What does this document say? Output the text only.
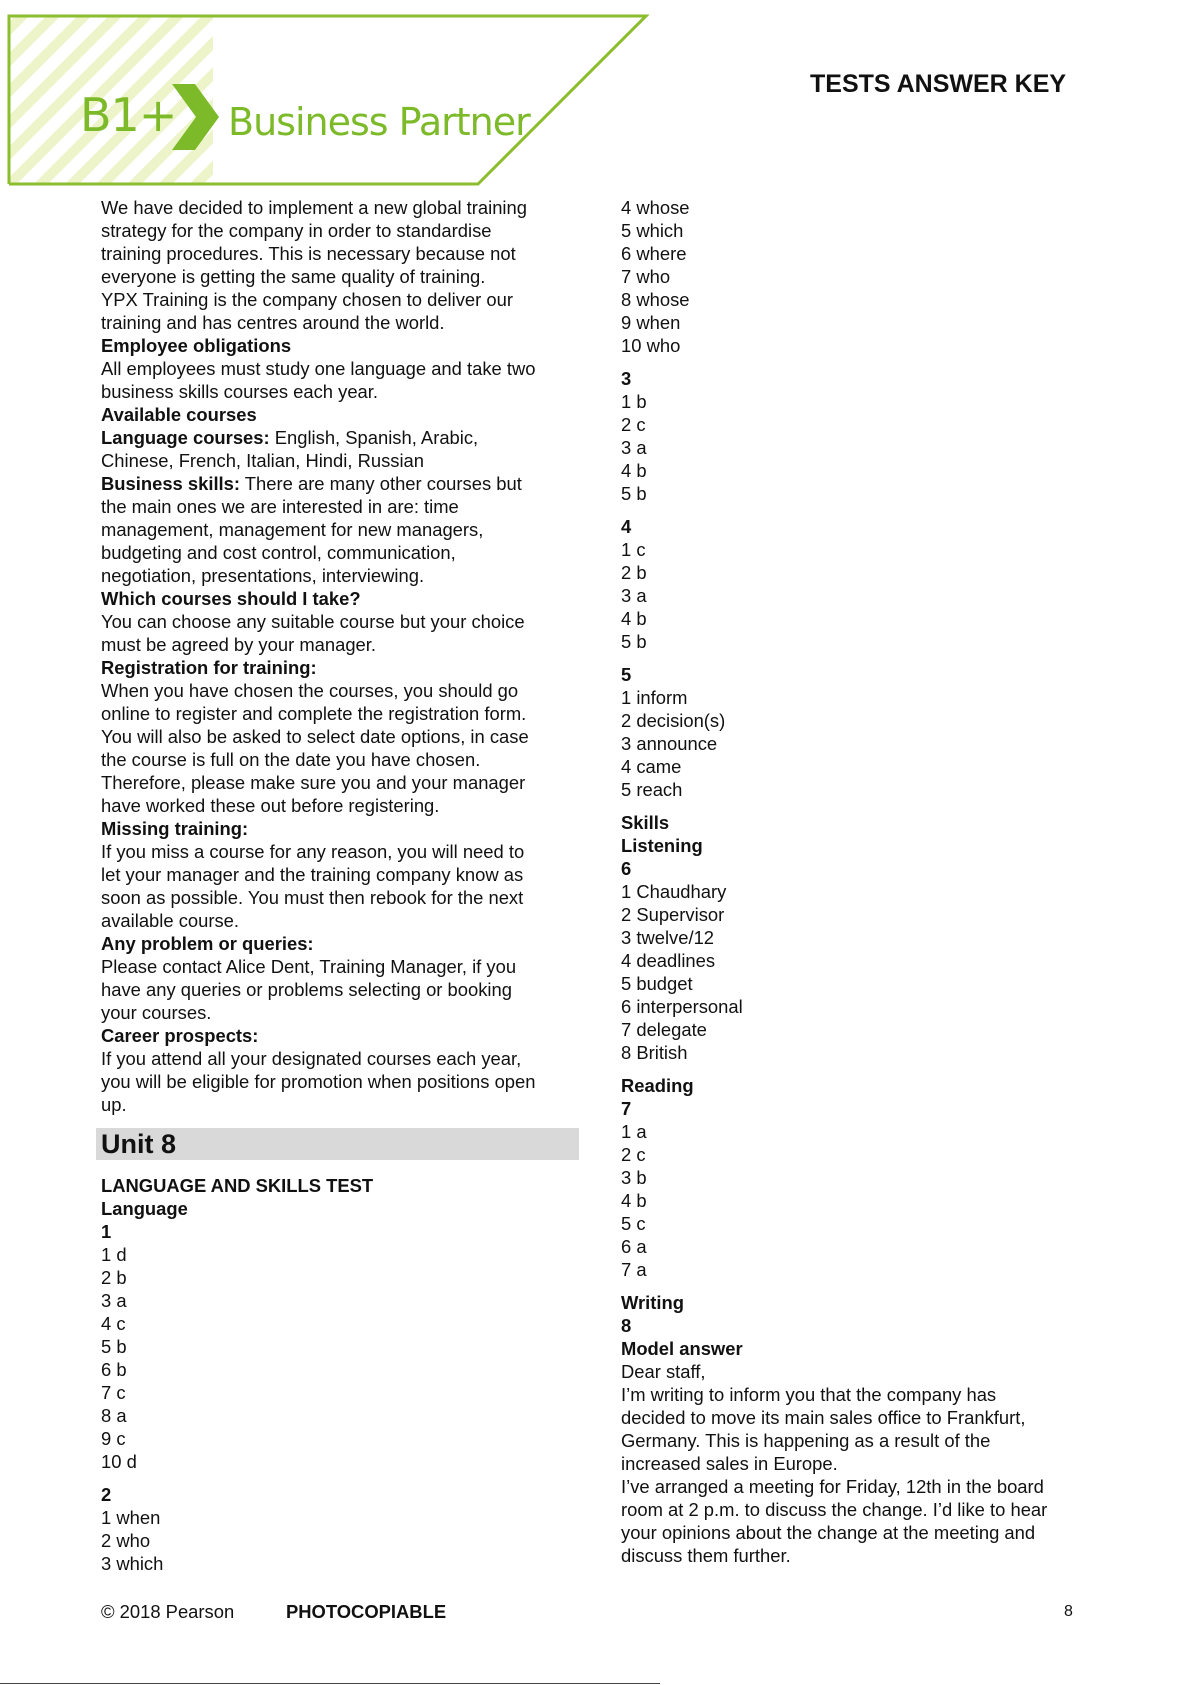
B1+ Business Partner
TESTS ANSWER KEY
We have decided to implement a new global training
strategy for the company in order to standardise
training procedures. This is necessary because not
everyone is getting the same quality of training.
YPX Training is the company chosen to deliver our
training and has centres around the world.
Employee obligations
All employees must study one language and take two
business skills courses each year.
Available courses
Language courses: English, Spanish, Arabic,
Chinese, French, Italian, Hindi, Russian
Business skills: There are many other courses but
the main ones we are interested in are: time
management, management for new managers,
budgeting and cost control, communication,
negotiation, presentations, interviewing.
Which courses should I take?
You can choose any suitable course but your choice
must be agreed by your manager.
Registration for training:
When you have chosen the courses, you should go
online to register and complete the registration form.
You will also be asked to select date options, in case
the course is full on the date you have chosen.
Therefore, please make sure you and your manager
have worked these out before registering.
Missing training:
If you miss a course for any reason, you will need to
let your manager and the training company know as
soon as possible. You must then rebook for the next
available course.
Any problem or queries:
Please contact Alice Dent, Training Manager, if you
have any queries or problems selecting or booking
your courses.
Career prospects:
If you attend all your designated courses each year,
you will be eligible for promotion when positions open
up.
Unit 8
LANGUAGE AND SKILLS TEST
Language
1
1 d
2 b
3 a
4 c
5 b
6 b
7 c
8 a
9 c
10 d
2
1 when
2 who
3 which
4 whose
5 which
6 where
7 who
8 whose
9 when
10 who
3
1 b
2 c
3 a
4 b
5 b
4
1 c
2 b
3 a
4 b
5 b
5
1 inform
2 decision(s)
3 announce
4 came
5 reach
Skills
Listening
6
1 Chaudhary
2 Supervisor
3 twelve/12
4 deadlines
5 budget
6 interpersonal
7 delegate
8 British
Reading
7
1 a
2 c
3 b
4 b
5 c
6 a
7 a
Writing
8
Model answer
Dear staff,
I’m writing to inform you that the company has
decided to move its main sales office to Frankfurt,
Germany. This is happening as a result of the
increased sales in Europe.
I’ve arranged a meeting for Friday, 12th in the board
room at 2 p.m. to discuss the change. I’d like to hear
your opinions about the change at the meeting and
discuss them further.
© 2018 Pearson	PHOTOCOPIABLE	8
